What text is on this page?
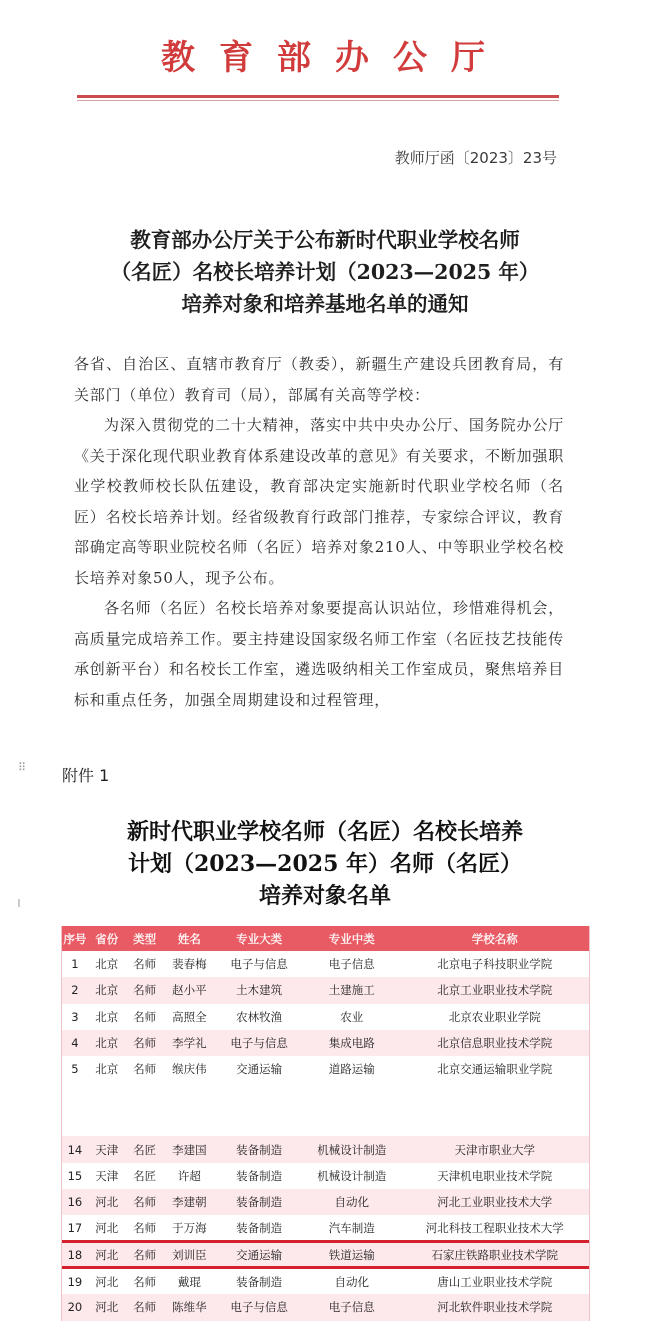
教育部办公厅
教师厅函〔2023〕23号
教育部办公厅关于公布新时代职业学校名师
（名匠）名校长培养计划（2023—2025 年）
培养对象和培养基地名单的通知

各省、自治区、直辖市教育厅（教委），新疆生产建设兵团教育局，有关部门（单位）教育司（局），部属有关高等学校：

为深入贯彻党的二十大精神，落实中共中央办公厅、国务院办公厅《关于深化现代职业教育体系建设改革的意见》有关要求，不断加强职业学校教师校长队伍建设，教育部决定实施新时代职业学校名师（名匠）名校长培养计划。经省级教育行政部门推荐，专家综合评议，教育部确定高等职业院校名师（名匠）培养对象210人、中等职业学校名校长培养对象50人，现予公布。

各名师（名匠）名校长培养对象要提高认识站位，珍惜难得机会，高质量完成培养工作。要主持建设国家级名师工作室（名匠技艺技能传承创新平台）和名校长工作室，遴选吸纳相关工作室成员，聚焦培养目标和重点任务，加强全周期建设和过程管理，

⠿	附件 1
新时代职业学校名师（名匠）名校长培养
计划（2023—2025 年）名师（名匠）
培养对象名单
序号	省份	类型	姓名	专业大类	专业中类	学校名称
1	北京	名师	裴春梅	电子与信息	电子信息	北京电子科技职业学院
2	北京	名师	赵小平	土木建筑	土建施工	北京工业职业技术学院
3	北京	名师	高照全	农林牧渔	农业	北京农业职业学院
4	北京	名师	李学礼	电子与信息	集成电路	北京信息职业技术学院
5	北京	名师	缑庆伟	交通运输	道路运输	北京交通运输职业学院

14	天津	名匠	李建国	装备制造	机械设计制造	天津市职业大学
15	天津	名匠	许超	装备制造	机械设计制造	天津机电职业技术学院
16	河北	名师	李建朝	装备制造	自动化	河北工业职业技术大学
17	河北	名师	于万海	装备制造	汽车制造	河北科技工程职业技术大学
18	河北	名师	刘训臣	交通运输	铁道运输	石家庄铁路职业技术学院
19	河北	名师	戴琨	装备制造	自动化	唐山工业职业技术学院
20	河北	名师	陈维华	电子与信息	电子信息	河北软件职业技术学院
